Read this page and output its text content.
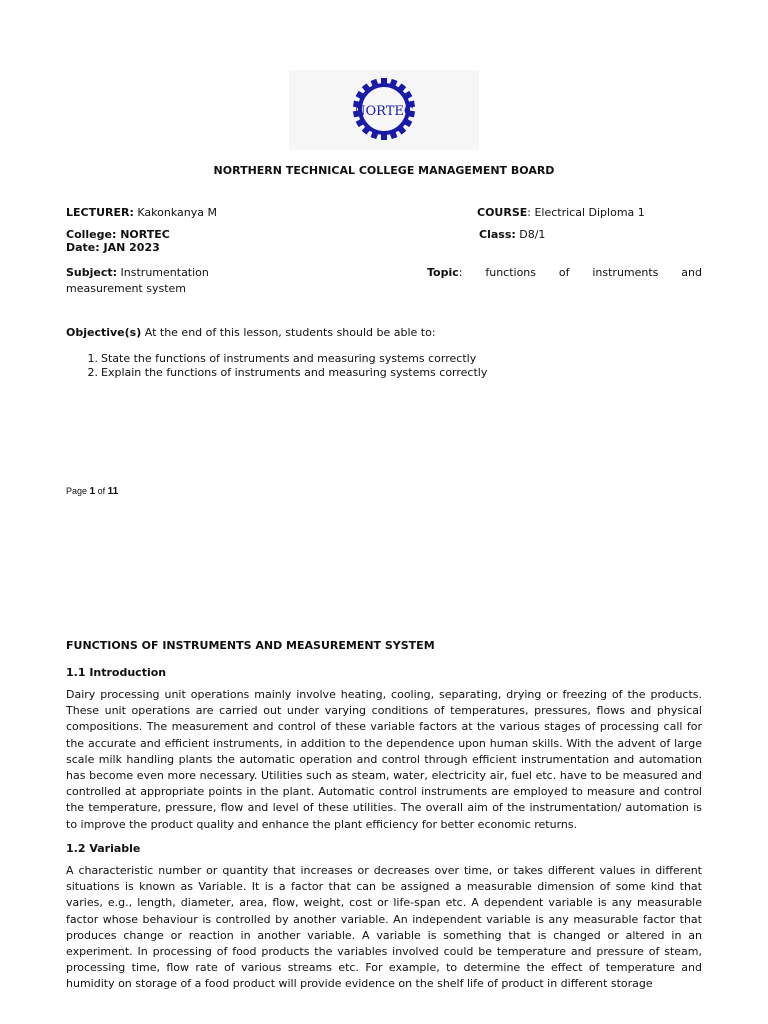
NORTEC
NORTHERN TECHNICAL COLLEGE MANAGEMENT BOARD
LECTURER: Kakonkanya M	COURSE: Electrical Diploma 1
College: NORTEC	Class: D8/1
Date: JAN 2023
Subject: Instrumentation	Topic: functions of instruments and
measurement system
Objective(s) At the end of this lesson, students should be able to:
1. State the functions of instruments and measuring systems correctly
2. Explain the functions of instruments and measuring systems correctly
Page 1 of 11
FUNCTIONS OF INSTRUMENTS AND MEASUREMENT SYSTEM
1.1 Introduction

Dairy processing unit operations mainly involve heating, cooling, separating, drying or freezing of the products. These unit operations are carried out under varying conditions of temperatures, pressures, flows and physical compositions. The measurement and control of these variable factors at the various stages of processing call for the accurate and efficient instruments, in addition to the dependence upon human skills. With the advent of large scale milk handling plants the automatic operation and control through efficient instrumentation and automation has become even more necessary. Utilities such as steam, water, electricity air, fuel etc. have to be measured and controlled at appropriate points in the plant. Automatic control instruments are employed to measure and control the temperature, pressure, flow and level of these utilities. The overall aim of the instrumentation/ automation is to improve the product quality and enhance the plant efficiency for better economic returns.

1.2 Variable

A characteristic number or quantity that increases or decreases over time, or takes different values in different situations is known as Variable. It is a factor that can be assigned a measurable dimension of some kind that varies, e.g., length, diameter, area, flow, weight, cost or life-span etc. A dependent variable is any measurable factor whose behaviour is controlled by another variable. An independent variable is any measurable factor that produces change or reaction in another variable. A variable is something that is changed or altered in an experiment. In processing of food products the variables involved could be temperature and pressure of steam, processing time, flow rate of various streams etc. For example, to determine the effect of temperature and humidity on storage of a food product will provide evidence on the shelf life of product in different storage
